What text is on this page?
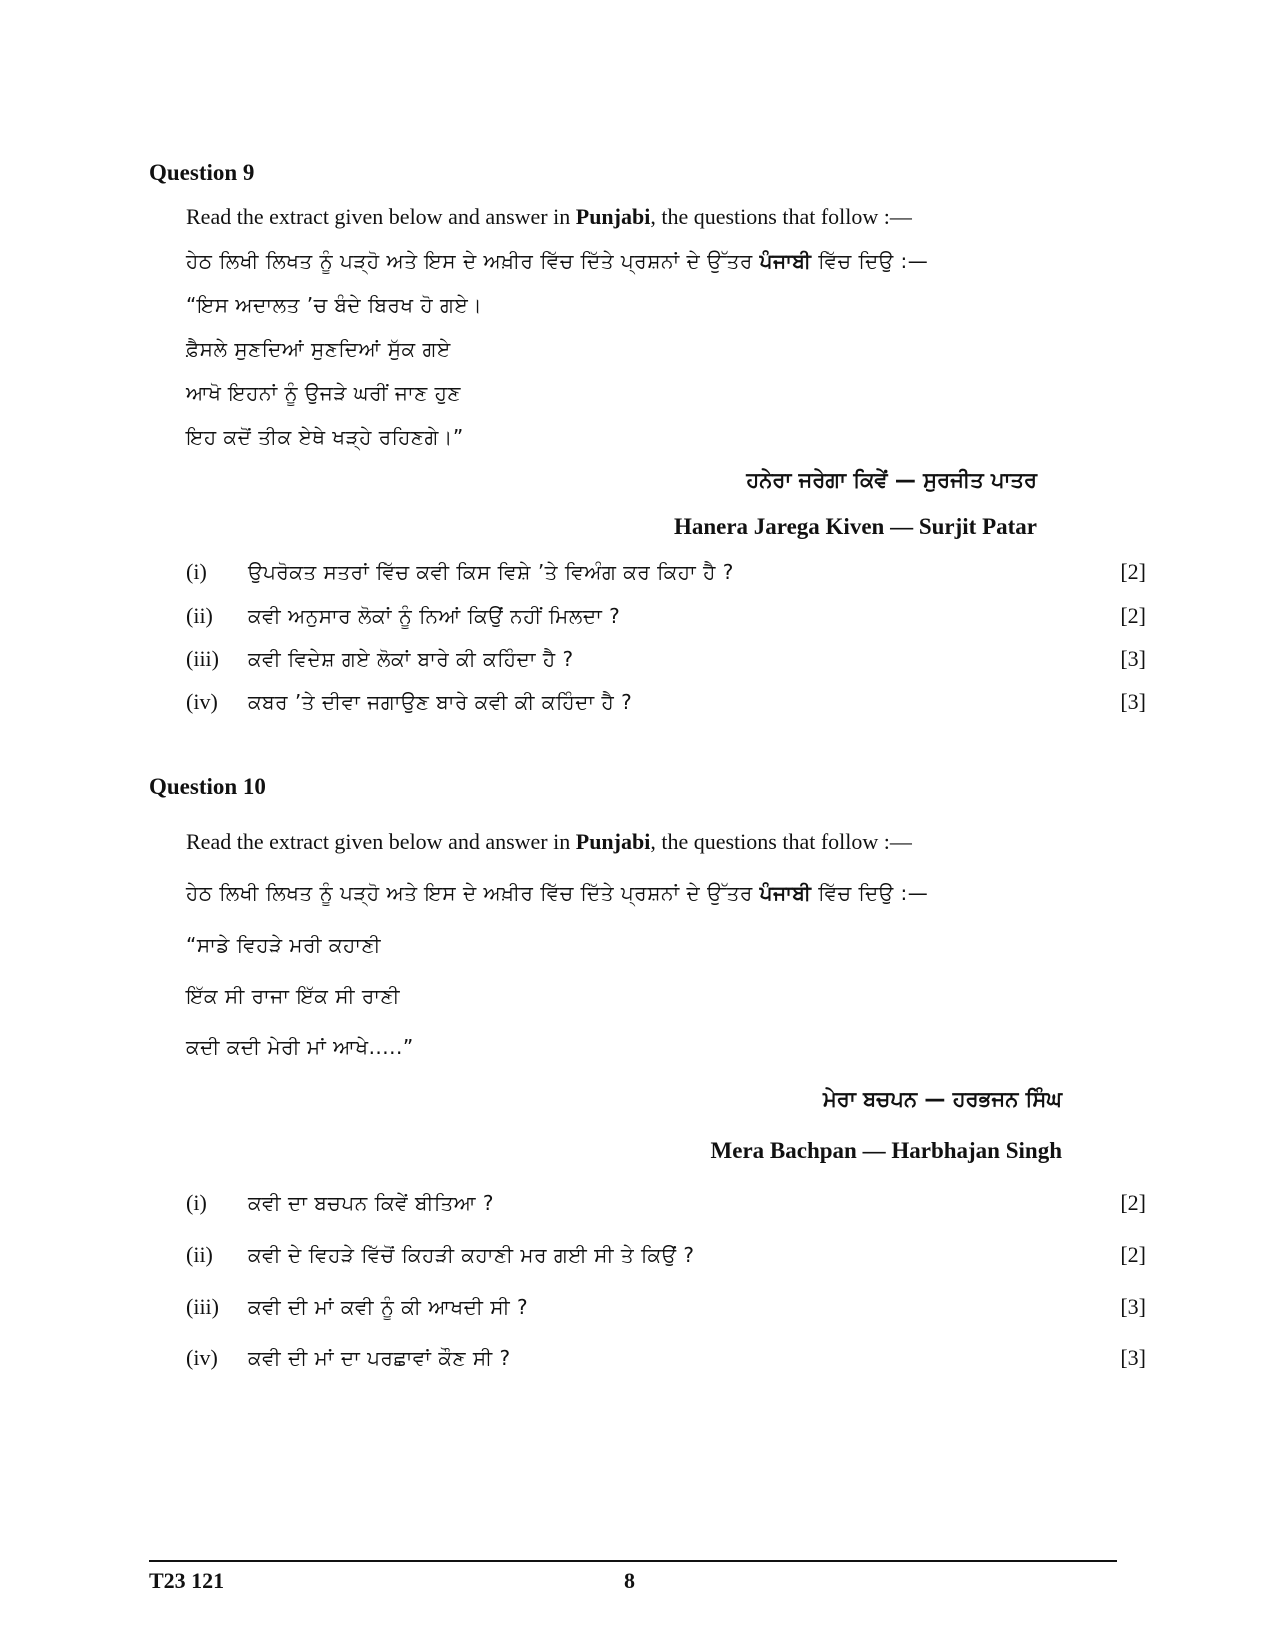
Question 9
Read the extract given below and answer in Punjabi, the questions that follow :—
ਹੇਠ ਲਿਖੀ ਲਿਖਤ ਨੂੰ ਪੜ੍ਹੋ ਅਤੇ ਇਸ ਦੇ ਅਖ਼ੀਰ ਵਿੱਚ ਦਿੱਤੇ ਪ੍ਰਸ਼ਨਾਂ ਦੇ ਉੱਤਰ ਪੰਜਾਬੀ ਵਿੱਚ ਦਿਉ :—
“ਇਸ ਅਦਾਲਤ ’ਚ ਬੰਦੇ ਬਿਰਖ ਹੋ ਗਏ।
ਫ਼ੈਸਲੇ ਸੁਣਦਿਆਂ ਸੁਣਦਿਆਂ ਸੁੱਕ ਗਏ
ਆਖੋ ਇਹਨਾਂ ਨੂੰ ਉਜੜੇ ਘਰੀਂ ਜਾਣ ਹੁਣ
ਇਹ ਕਦੋਂ ਤੀਕ ਏਥੇ ਖੜ੍ਹੇ ਰਹਿਣਗੇ।”
ਹਨੇਰਾ ਜਰੇਗਾ ਕਿਵੇਂ — ਸੁਰਜੀਤ ਪਾਤਰ
Hanera Jarega Kiven — Surjit Patar
(i) ਉਪਰੋਕਤ ਸਤਰਾਂ ਵਿੱਚ ਕਵੀ ਕਿਸ ਵਿਸ਼ੇ ’ਤੇ ਵਿਅੰਗ ਕਰ ਕਿਹਾ ਹੈ ?	[2]
(ii) ਕਵੀ ਅਨੁਸਾਰ ਲੋਕਾਂ ਨੂੰ ਨਿਆਂ ਕਿਉਂ ਨਹੀਂ ਮਿਲਦਾ ?	[2]
(iii) ਕਵੀ ਵਿਦੇਸ਼ ਗਏ ਲੋਕਾਂ ਬਾਰੇ ਕੀ ਕਹਿੰਦਾ ਹੈ ?	[3]
(iv) ਕਬਰ ’ਤੇ ਦੀਵਾ ਜਗਾਉਣ ਬਾਰੇ ਕਵੀ ਕੀ ਕਹਿੰਦਾ ਹੈ ?	[3]
Question 10
Read the extract given below and answer in Punjabi, the questions that follow :—
ਹੇਠ ਲਿਖੀ ਲਿਖਤ ਨੂੰ ਪੜ੍ਹੋ ਅਤੇ ਇਸ ਦੇ ਅਖ਼ੀਰ ਵਿੱਚ ਦਿੱਤੇ ਪ੍ਰਸ਼ਨਾਂ ਦੇ ਉੱਤਰ ਪੰਜਾਬੀ ਵਿੱਚ ਦਿਉ :—
“ਸਾਡੇ ਵਿਹੜੇ ਮਰੀ ਕਹਾਣੀ
ਇੱਕ ਸੀ ਰਾਜਾ ਇੱਕ ਸੀ ਰਾਣੀ
ਕਦੀ ਕਦੀ ਮੇਰੀ ਮਾਂ ਆਖੇ.....”
ਮੇਰਾ ਬਚਪਨ — ਹਰਭਜਨ ਸਿੰਘ
Mera Bachpan — Harbhajan Singh
(i) ਕਵੀ ਦਾ ਬਚਪਨ ਕਿਵੇਂ ਬੀਤਿਆ ?	[2]
(ii) ਕਵੀ ਦੇ ਵਿਹੜੇ ਵਿੱਚੋਂ ਕਿਹੜੀ ਕਹਾਣੀ ਮਰ ਗਈ ਸੀ ਤੇ ਕਿਉਂ ?	[2]
(iii) ਕਵੀ ਦੀ ਮਾਂ ਕਵੀ ਨੂੰ ਕੀ ਆਖਦੀ ਸੀ ?	[3]
(iv) ਕਵੀ ਦੀ ਮਾਂ ਦਾ ਪਰਛਾਵਾਂ ਕੌਣ ਸੀ ?	[3]
T23 121	8
